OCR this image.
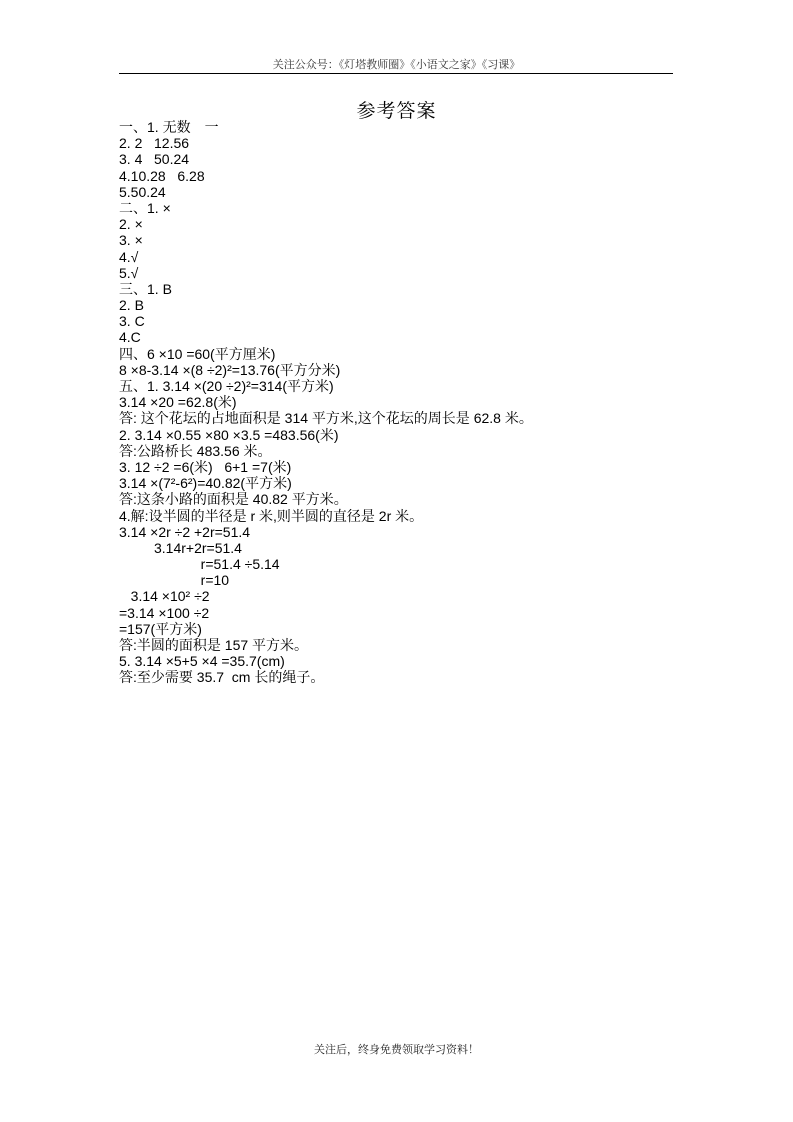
关注公众号：《灯塔教师圈》《小语文之家》《习课》
参考答案
一、1. 无数　一
2. 2   12.56
3. 4   50.24
4.10.28   6.28
5.50.24
二、1. ×
2. ×
3. ×
4.√
5.√
三、1. B
2. B
3. C
4.C
四、6 ×10 =60(平方厘米)
8 ×8-3.14 ×(8 ÷2)²=13.76(平方分米)
五、1. 3.14 ×(20 ÷2)²=314(平方米)
3.14 ×20 =62.8(米)
答: 这个花坛的占地面积是 314 平方米,这个花坛的周长是 62.8 米。
2. 3.14 ×0.55 ×80 ×3.5 =483.56(米)
答:公路桥长 483.56 米。
3. 12 ÷2 =6(米)   6+1 =7(米)
3.14 ×(7²-6²)=40.82(平方米)
答:这条小路的面积是 40.82 平方米。
4.解:设半圆的半径是 r 米,则半圆的直径是 2r 米。
3.14 ×2r ÷2 +2r=51.4
3.14r+2r=51.4
r=51.4 ÷5.14
r=10
3.14 ×10² ÷2
=3.14 ×100 ÷2
=157(平方米)
答:半圆的面积是 157 平方米。
5. 3.14 ×5+5 ×4 =35.7(cm)
答:至少需要 35.7  cm 长的绳子。
关注后，终身免费领取学习资料！
